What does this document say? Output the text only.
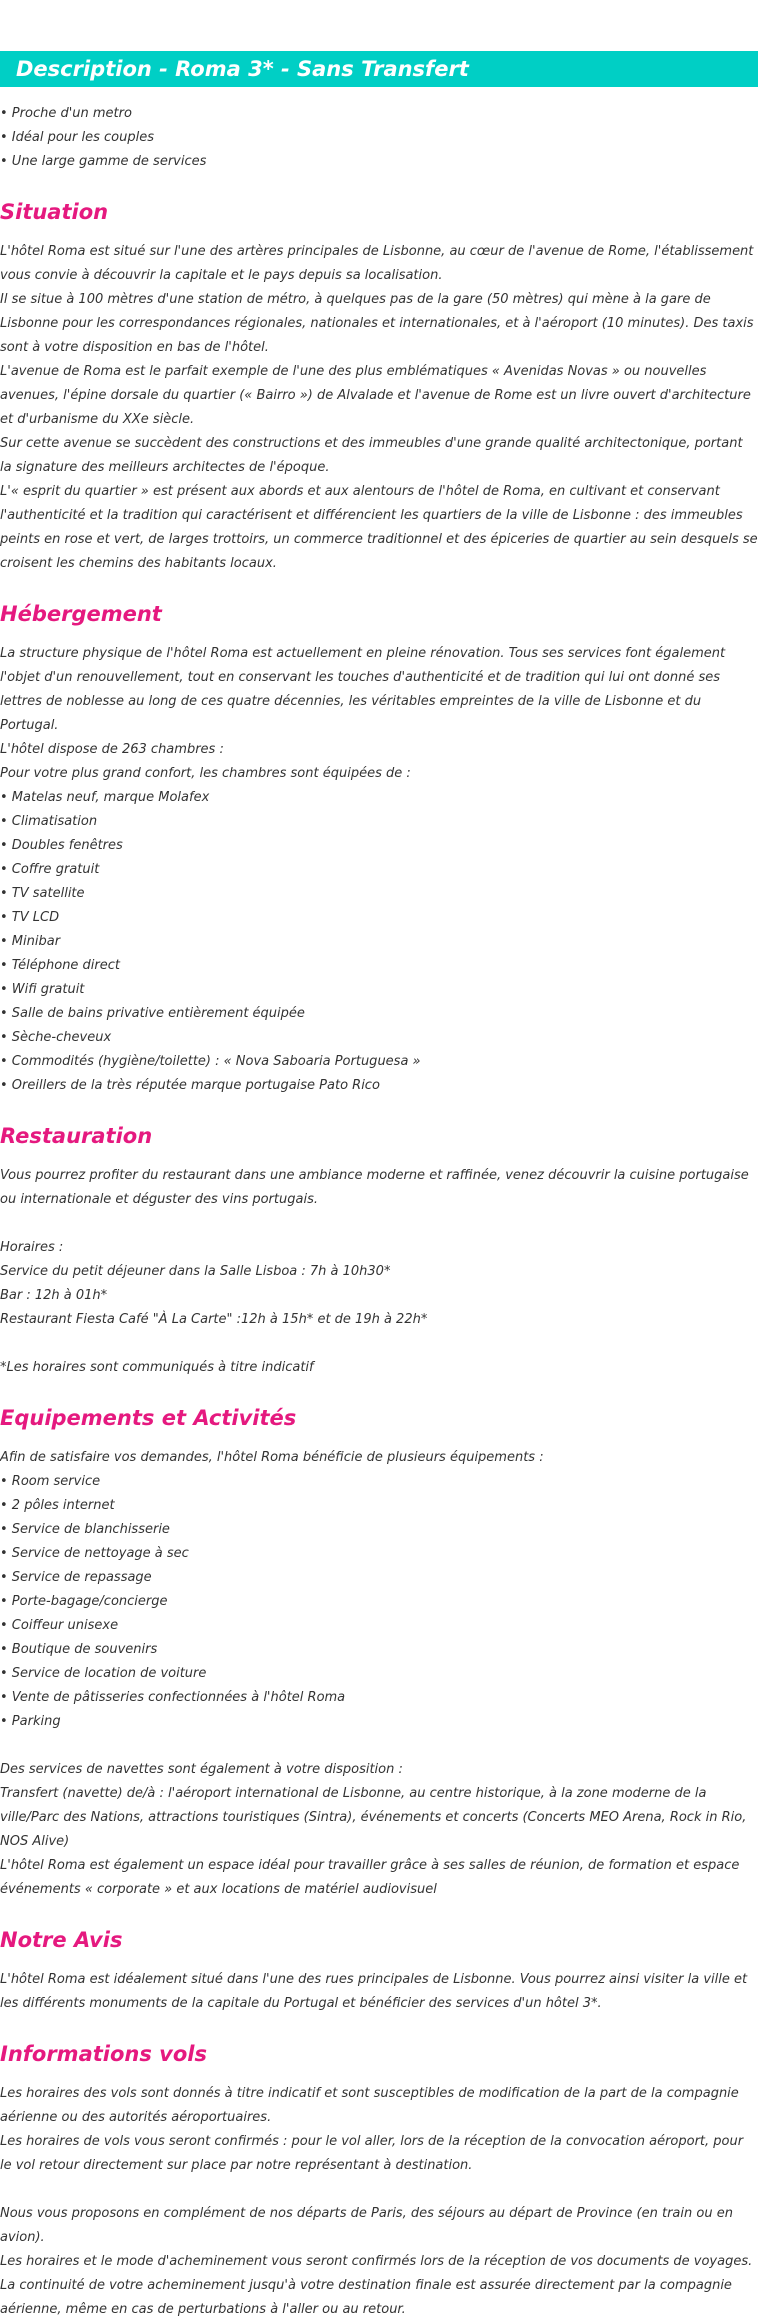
Description - Roma 3* - Sans Transfert

• Proche d'un metro

• Idéal pour les couples

• Une large gamme de services

Situation

L'hôtel Roma est situé sur l'une des artères principales de Lisbonne, au cœur de l'avenue de Rome, l'établissement vous convie à découvrir la capitale et le pays depuis sa localisation.

Il se situe à 100 mètres d'une station de métro, à quelques pas de la gare (50 mètres) qui mène à la gare de Lisbonne pour les correspondances régionales, nationales et internationales, et à l'aéroport (10 minutes). Des taxis sont à votre disposition en bas de l'hôtel.

L'avenue de Roma est le parfait exemple de l'une des plus emblématiques « Avenidas Novas » ou nouvelles avenues, l'épine dorsale du quartier (« Bairro ») de Alvalade et l'avenue de Rome est un livre ouvert d'architecture et d'urbanisme du XXe siècle.

Sur cette avenue se succèdent des constructions et des immeubles d'une grande qualité architectonique, portant la signature des meilleurs architectes de l'époque.

L'« esprit du quartier » est présent aux abords et aux alentours de l'hôtel de Roma, en cultivant et conservant l'authenticité et la tradition qui caractérisent et différencient les quartiers de la ville de Lisbonne : des immeubles peints en rose et vert, de larges trottoirs, un commerce traditionnel et des épiceries de quartier au sein desquels se croisent les chemins des habitants locaux.

Hébergement

La structure physique de l'hôtel Roma est actuellement en pleine rénovation. Tous ses services font également l'objet d'un renouvellement, tout en conservant les touches d'authenticité et de tradition qui lui ont donné ses lettres de noblesse au long de ces quatre décennies, les véritables empreintes de la ville de Lisbonne et du Portugal.

L'hôtel dispose de 263 chambres :

Pour votre plus grand confort, les chambres sont équipées de :

• Matelas neuf, marque Molafex

• Climatisation

• Doubles fenêtres

• Coffre gratuit

• TV satellite

• TV LCD

• Minibar

• Téléphone direct

• Wifi gratuit

• Salle de bains privative entièrement équipée

• Sèche-cheveux

• Commodités (hygiène/toilette) : « Nova Saboaria Portuguesa »

• Oreillers de la très réputée marque portugaise Pato Rico

Restauration

Vous pourrez profiter du restaurant dans une ambiance moderne et raffinée, venez découvrir la cuisine portugaise ou internationale et déguster des vins portugais.

Horaires :

Service du petit déjeuner dans la Salle Lisboa : 7h à 10h30*

Bar : 12h à 01h*

Restaurant Fiesta Café "À La Carte" :12h à 15h* et de 19h à 22h*

*Les horaires sont communiqués à titre indicatif

Equipements et Activités

Afin de satisfaire vos demandes, l'hôtel Roma bénéficie de plusieurs équipements :

• Room service

• 2 pôles internet

• Service de blanchisserie

• Service de nettoyage à sec

• Service de repassage

• Porte-bagage/concierge

• Coiffeur unisexe

• Boutique de souvenirs

• Service de location de voiture

• Vente de pâtisseries confectionnées à l'hôtel Roma

• Parking

Des services de navettes sont également à votre disposition :

Transfert (navette) de/à : l'aéroport international de Lisbonne, au centre historique, à la zone moderne de la ville/Parc des Nations, attractions touristiques (Sintra), événements et concerts (Concerts MEO Arena, Rock in Rio, NOS Alive)

L'hôtel Roma est également un espace idéal pour travailler grâce à ses salles de réunion, de formation et espace événements « corporate » et aux locations de matériel audiovisuel

Notre Avis

L'hôtel Roma est idéalement situé dans l'une des rues principales de Lisbonne. Vous pourrez ainsi visiter la ville et les différents monuments de la capitale du Portugal et bénéficier des services d'un hôtel 3*.

Informations vols

Les horaires des vols sont donnés à titre indicatif et sont susceptibles de modification de la part de la compagnie aérienne ou des autorités aéroportuaires.

Les horaires de vols vous seront confirmés : pour le vol aller, lors de la réception de la convocation aéroport, pour le vol retour directement sur place par notre représentant à destination.

Nous vous proposons en complément de nos départs de Paris, des séjours au départ de Province (en train ou en avion).

Les horaires et le mode d'acheminement vous seront confirmés lors de la réception de vos documents de voyages.

La continuité de votre acheminement jusqu'à votre destination finale est assurée directement par la compagnie aérienne, même en cas de perturbations à l'aller ou au retour.
